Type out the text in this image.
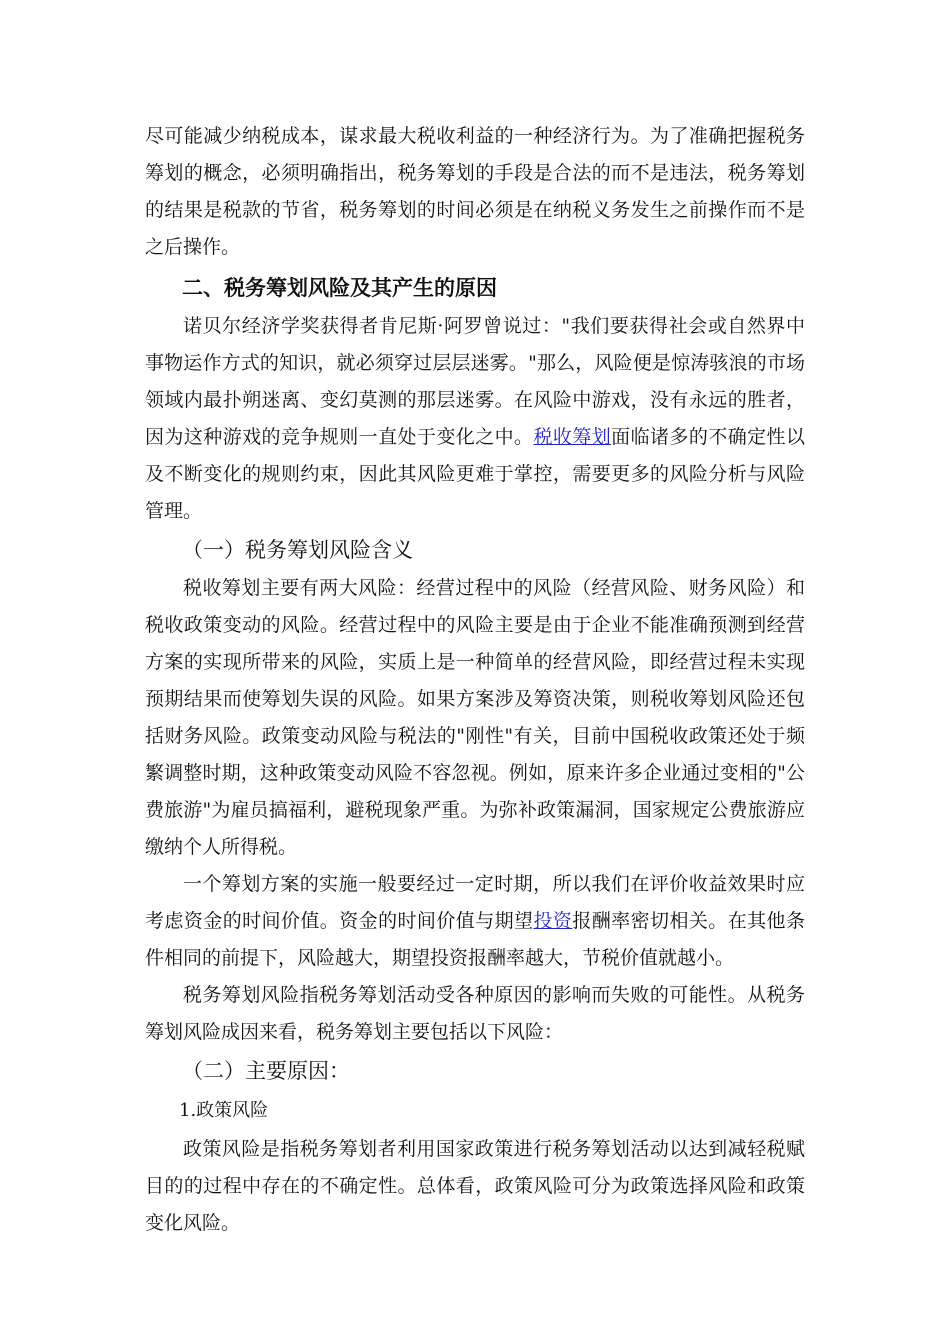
尽可能减少纳税成本，谋求最大税收利益的一种经济行为。为了准确把握税务筹划的概念，必须明确指出，税务筹划的手段是合法的而不是违法，税务筹划的结果是税款的节省，税务筹划的时间必须是在纳税义务发生之前操作而不是之后操作。

二、税务筹划风险及其产生的原因

诺贝尔经济学奖获得者肯尼斯·阿罗曾说过："我们要获得社会或自然界中事物运作方式的知识，就必须穿过层层迷雾。"那么，风险便是惊涛骇浪的市场领域内最扑朔迷离、变幻莫测的那层迷雾。在风险中游戏，没有永远的胜者，因为这种游戏的竞争规则一直处于变化之中。税收筹划面临诸多的不确定性以及不断变化的规则约束，因此其风险更难于掌控，需要更多的风险分析与风险管理。

（一）税务筹划风险含义

税收筹划主要有两大风险：经营过程中的风险（经营风险、财务风险）和税收政策变动的风险。经营过程中的风险主要是由于企业不能准确预测到经营方案的实现所带来的风险，实质上是一种简单的经营风险，即经营过程未实现预期结果而使筹划失误的风险。如果方案涉及筹资决策，则税收筹划风险还包括财务风险。政策变动风险与税法的"刚性"有关，目前中国税收政策还处于频繁调整时期，这种政策变动风险不容忽视。例如，原来许多企业通过变相的"公费旅游"为雇员搞福利，避税现象严重。为弥补政策漏洞，国家规定公费旅游应缴纳个人所得税。

一个筹划方案的实施一般要经过一定时期，所以我们在评价收益效果时应考虑资金的时间价值。资金的时间价值与期望投资报酬率密切相关。在其他条件相同的前提下，风险越大，期望投资报酬率越大，节税价值就越小。

税务筹划风险指税务筹划活动受各种原因的影响而失败的可能性。从税务筹划风险成因来看，税务筹划主要包括以下风险：

（二）主要原因：

1.政策风险

政策风险是指税务筹划者利用国家政策进行税务筹划活动以达到减轻税赋目的的过程中存在的不确定性。总体看，政策风险可分为政策选择风险和政策变化风险。
